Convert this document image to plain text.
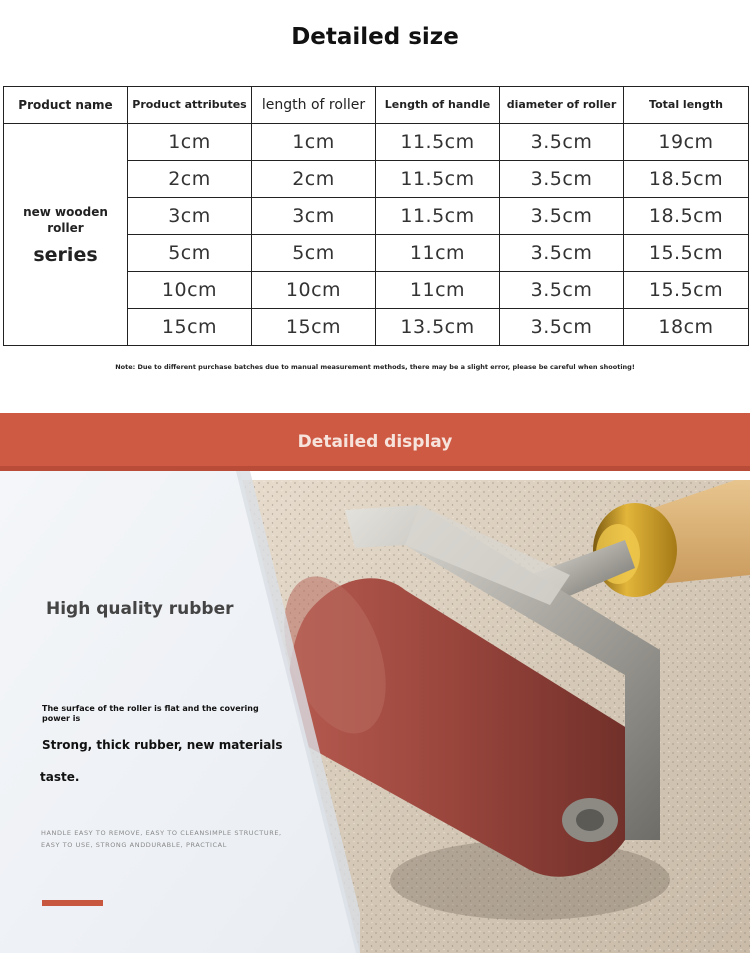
Detailed size
Product name	Product attributes	length of roller	Length of handle	diameter of roller	Total length
new wooden roller
series	1cm	1cm	11.5cm	3.5cm	19cm
	2cm	2cm	11.5cm	3.5cm	18.5cm
	3cm	3cm	11.5cm	3.5cm	18.5cm
	5cm	5cm	11cm	3.5cm	15.5cm
	10cm	10cm	11cm	3.5cm	15.5cm
	15cm	15cm	13.5cm	3.5cm	18cm
Note: Due to different purchase batches due to manual measurement methods, there may be a slight error, please be careful when shooting!
Detailed display
High quality rubber
The surface of the roller is flat and the covering power is
Strong, thick rubber, new materials
taste.
HANDLE EASY TO REMOVE, EASY TO CLEANSIMPLE STRUCTURE, EASY TO USE, STRONG ANDDURABLE, PRACTICAL
